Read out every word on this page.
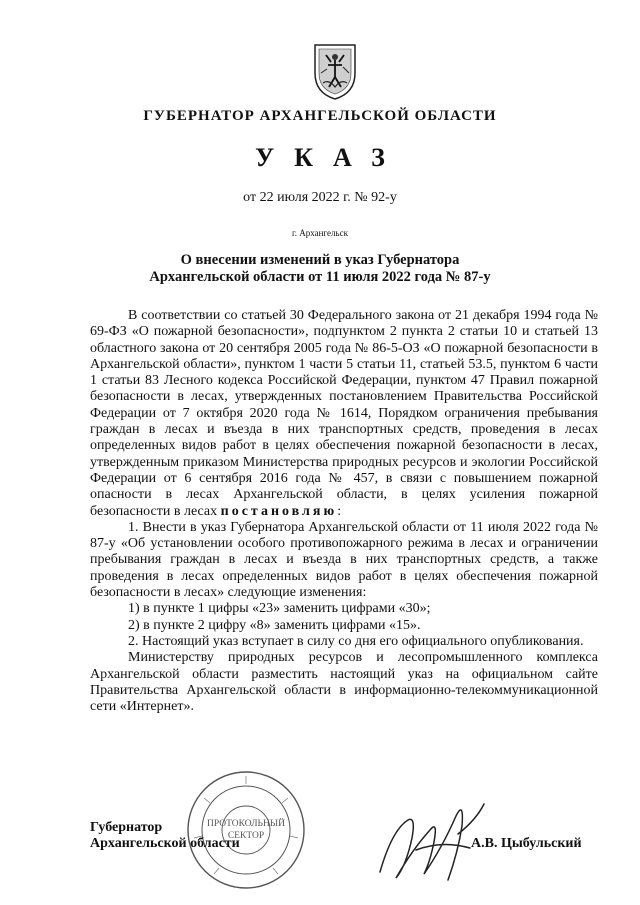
ГУБЕРНАТОР АРХАНГЕЛЬСКОЙ ОБЛАСТИ
УКАЗ
от 22 июля 2022 г. № 92-у
г. Архангельск
О внесении изменений в указ Губернатора
Архангельской области от 11 июля 2022 года № 87-у

В соответствии со статьей 30 Федерального закона от 21 декабря 1994 года № 69-ФЗ «О пожарной безопасности», подпунктом 2 пункта 2 статьи 10 и статьей 13 областного закона от 20 сентября 2005 года № 86-5-ОЗ «О пожарной безопасности в Архангельской области», пунктом 1 части 5 статьи 11, статьей 53.5, пунктом 6 части 1 статьи 83 Лесного кодекса Российской Федерации, пунктом 47 Правил пожарной безопасности в лесах, утвержденных постановлением Правительства Российской Федерации от 7 октября 2020 года № 1614, Порядком ограничения пребывания граждан в лесах и въезда в них транспортных средств, проведения в лесах определенных видов работ в целях обеспечения пожарной безопасности в лесах, утвержденным приказом Министерства природных ресурсов и экологии Российской Федерации от 6 сентября 2016 года № 457, в связи с повышением пожарной опасности в лесах Архангельской области, в целях усиления пожарной безопасности в лесах постановляю:

1. Внести в указ Губернатора Архангельской области от 11 июля 2022 года № 87-у «Об установлении особого противопожарного режима в лесах и ограничении пребывания граждан в лесах и въезда в них транспортных средств, а также проведения в лесах определенных видов работ в целях обеспечения пожарной безопасности в лесах» следующие изменения:

1) в пункте 1 цифры «23» заменить цифрами «30»;

2) в пункте 2 цифру «8» заменить цифрами «15».

2. Настоящий указ вступает в силу со дня его официального опубликования.

Министерству природных ресурсов и лесопромышленного комплекса Архангельской области разместить настоящий указ на официальном сайте Правительства Архангельской области в информационно-телекоммуникационной сети «Интернет».

ПРОТОКОЛЬНЫЙ
СЕКТОР
Губернатор
Архангельской области	А.В. Цыбульский
